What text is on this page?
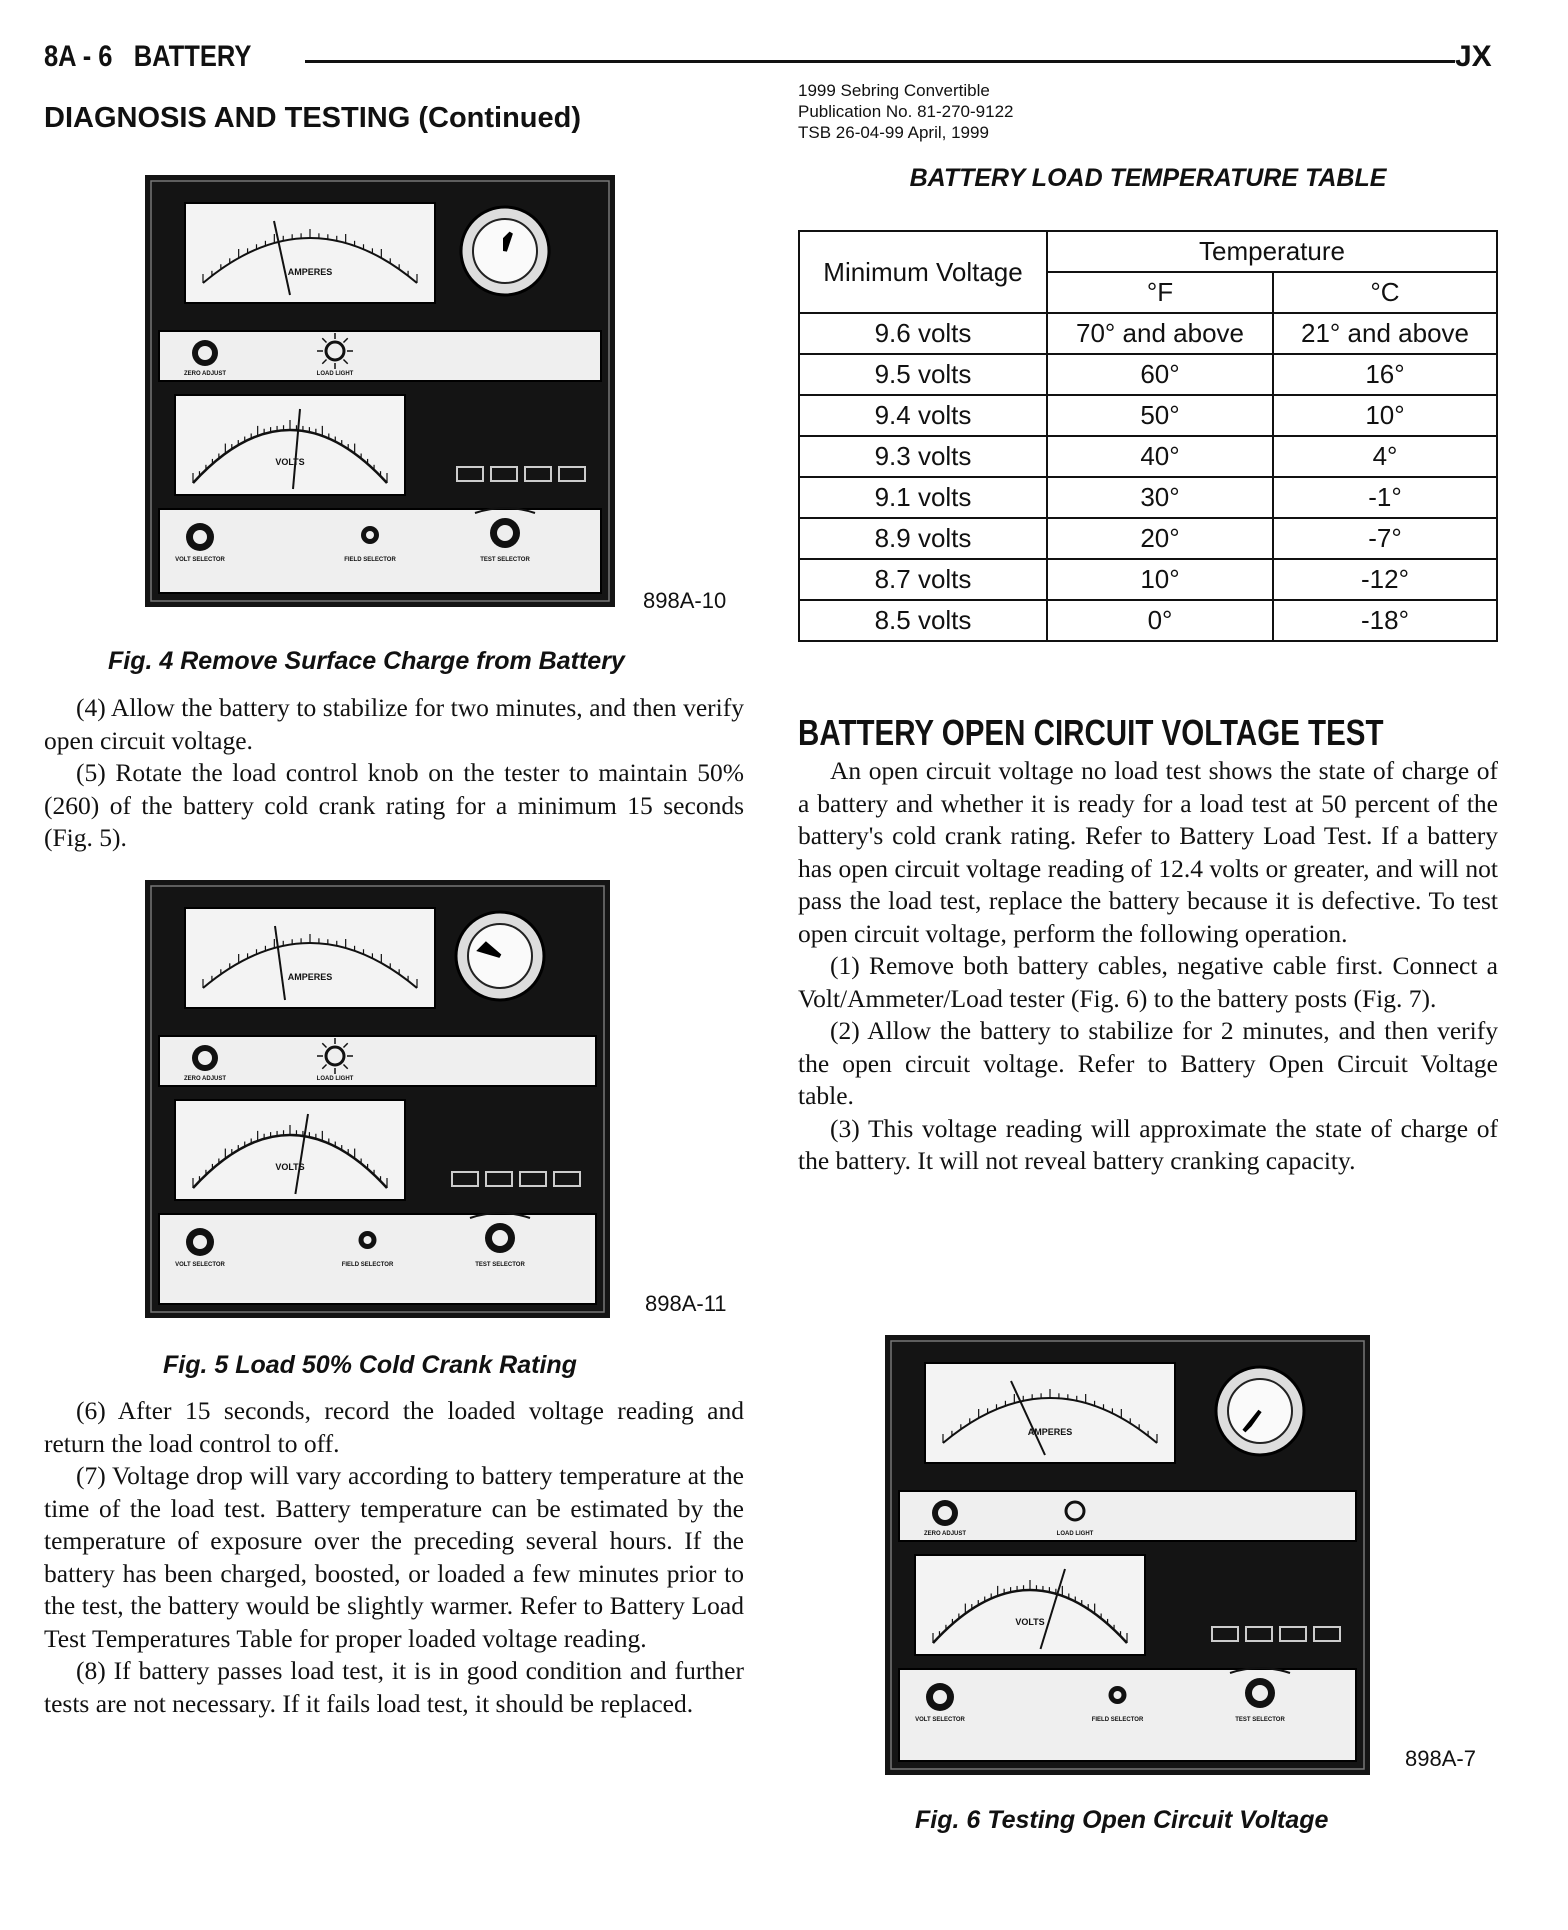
8A - 6   BATTERY	JX
DIAGNOSIS AND TESTING (Continued)
1999 Sebring Convertible
Publication No. 81-270-9122
TSB 26-04-99 April, 1999
AMPERES
ZERO ADJUST	LOAD LIGHT
VOLTS
VOLT SELECTOR	FIELD SELECTOR	TEST SELECTOR
898A-10
Fig. 4 Remove Surface Charge from Battery

(4) Allow the battery to stabilize for two minutes, and then verify open circuit voltage.

(5) Rotate the load control knob on the tester to maintain 50% (260) of the battery cold crank rating for a minimum 15 seconds (Fig. 5).

AMPERES
ZERO ADJUST	LOAD LIGHT
VOLTS
VOLT SELECTOR	FIELD SELECTOR	TEST SELECTOR
898A-11
Fig. 5 Load 50% Cold Crank Rating

(6) After 15 seconds, record the loaded voltage reading and return the load control to off.

(7) Voltage drop will vary according to battery temperature at the time of the load test. Battery temperature can be estimated by the temperature of exposure over the preceding several hours. If the battery has been charged, boosted, or loaded a few minutes prior to the test, the battery would be slightly warmer. Refer to Battery Load Test Temperatures Table for proper loaded voltage reading.

(8) If battery passes load test, it is in good condition and further tests are not necessary. If it fails load test, it should be replaced.

BATTERY LOAD TEMPERATURE TABLE
Minimum Voltage	Temperature	
	°F	°C
9.6 volts	70° and above	21° and above
9.5 volts	60°	16°
9.4 volts	50°	10°
9.3 volts	40°	4°
9.1 volts	30°	-1°
8.9 volts	20°	-7°
8.7 volts	10°	-12°
8.5 volts	0°	-18°
BATTERY OPEN CIRCUIT VOLTAGE TEST

An open circuit voltage no load test shows the state of charge of a battery and whether it is ready for a load test at 50 percent of the battery's cold crank rating. Refer to Battery Load Test. If a battery has open circuit voltage reading of 12.4 volts or greater, and will not pass the load test, replace the battery because it is defective. To test open circuit voltage, perform the following operation.

(1) Remove both battery cables, negative cable first. Connect a Volt/Ammeter/Load tester (Fig. 6) to the battery posts (Fig. 7).

(2) Allow the battery to stabilize for 2 minutes, and then verify the open circuit voltage. Refer to Battery Open Circuit Voltage table.

(3) This voltage reading will approximate the state of charge of the battery. It will not reveal battery cranking capacity.

AMPERES
ZERO ADJUST	LOAD LIGHT
VOLTS
VOLT SELECTOR	FIELD SELECTOR	TEST SELECTOR
898A-7
Fig. 6 Testing Open Circuit Voltage
